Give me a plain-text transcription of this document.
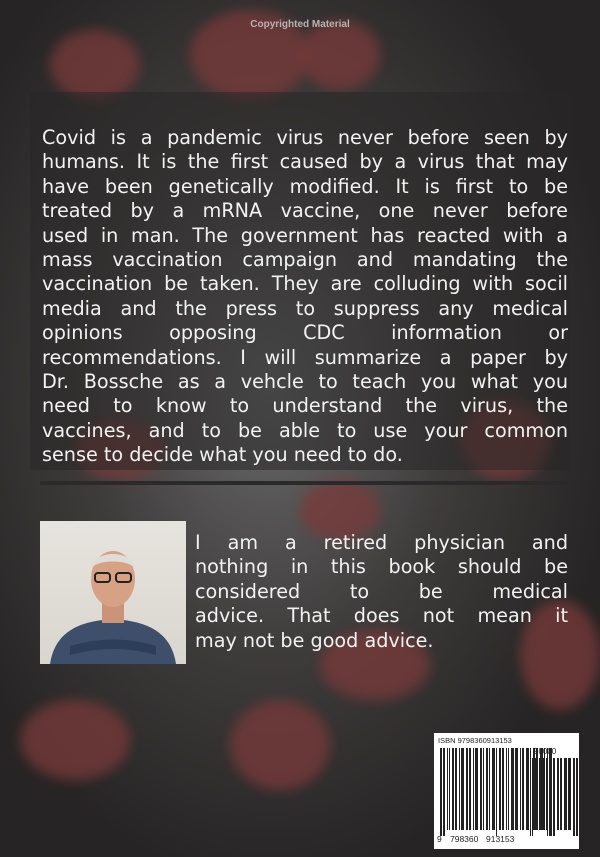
Copyrighted Material
Covid is a pandemic virus never before seen by
humans. It is the first caused by a virus that may
have been genetically modified. It is first to be
treated by a mRNA vaccine, one never before
used in man. The government has reacted with a
mass vaccination campaign and mandating the
vaccination be taken. They are colluding with socil
media and the press to suppress any medical
opinions opposing CDC information or
recommendations. I will summarize a paper by
Dr. Bossche as a vehcle to teach you what you
need to know to understand the virus, the
vaccines, and to be able to use your common
sense to decide what you need to do.
I am a retired physician and
nothing in this book should be
considered to be medical
advice. That does not mean it
may not be good advice.
ISBN 9798360913153
90000
9 798360 913153
